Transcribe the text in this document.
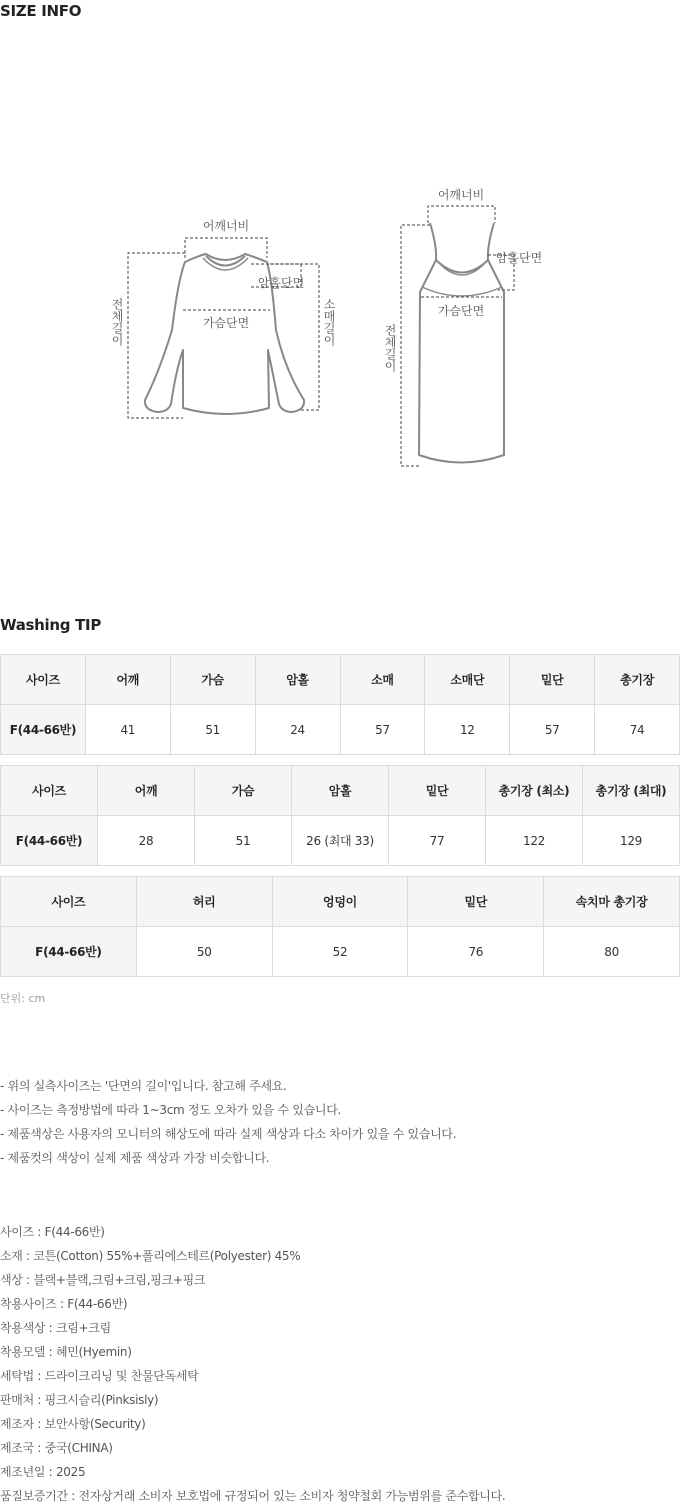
SIZE INFO
어깨너비
암홀단면
가슴단면
전체길이	소매길이
어깨너비
암홀단면
가슴단면
전체길이
Washing TIP
사이즈	어깨	가슴	암홀	소매	소매단	밑단	총기장
F(44-66반)	41	51	24	57	12	57	74
사이즈	어깨	가슴	암홀	밑단	총기장 (최소)	총기장 (최대)
F(44-66반)	28	51	26 (최대 33)	77	122	129
사이즈	허리	엉덩이	밑단	속치마 총기장
F(44-66반)	50	52	76	80
단위: cm
- 위의 실측사이즈는 '단면의 길이'입니다. 참고해 주세요.
- 사이즈는 측정방법에 따라 1~3cm 정도 오차가 있을 수 있습니다.
- 제품색상은 사용자의 모니터의 해상도에 따라 실제 색상과 다소 차이가 있을 수 있습니다.
- 제품컷의 색상이 실제 제품 색상과 가장 비슷합니다.
사이즈 : F(44-66반)
소재 : 코튼(Cotton) 55%+폴리에스테르(Polyester) 45%
색상 : 블랙+블랙,크림+크림,핑크+핑크
착용사이즈 : F(44-66반)
착용색상 : 크림+크림
착용모델 : 혜민(Hyemin)
세탁법 : 드라이크리닝 및 찬물단독세탁
판매처 : 핑크시슬리(Pinksisly)
제조자 : 보안사항(Security)
제조국 : 중국(CHINA)
제조년일 : 2025
품질보증기간 : 전자상거래 소비자 보호법에 규정되어 있는 소비자 청약철회 가능범위를 준수합니다.
